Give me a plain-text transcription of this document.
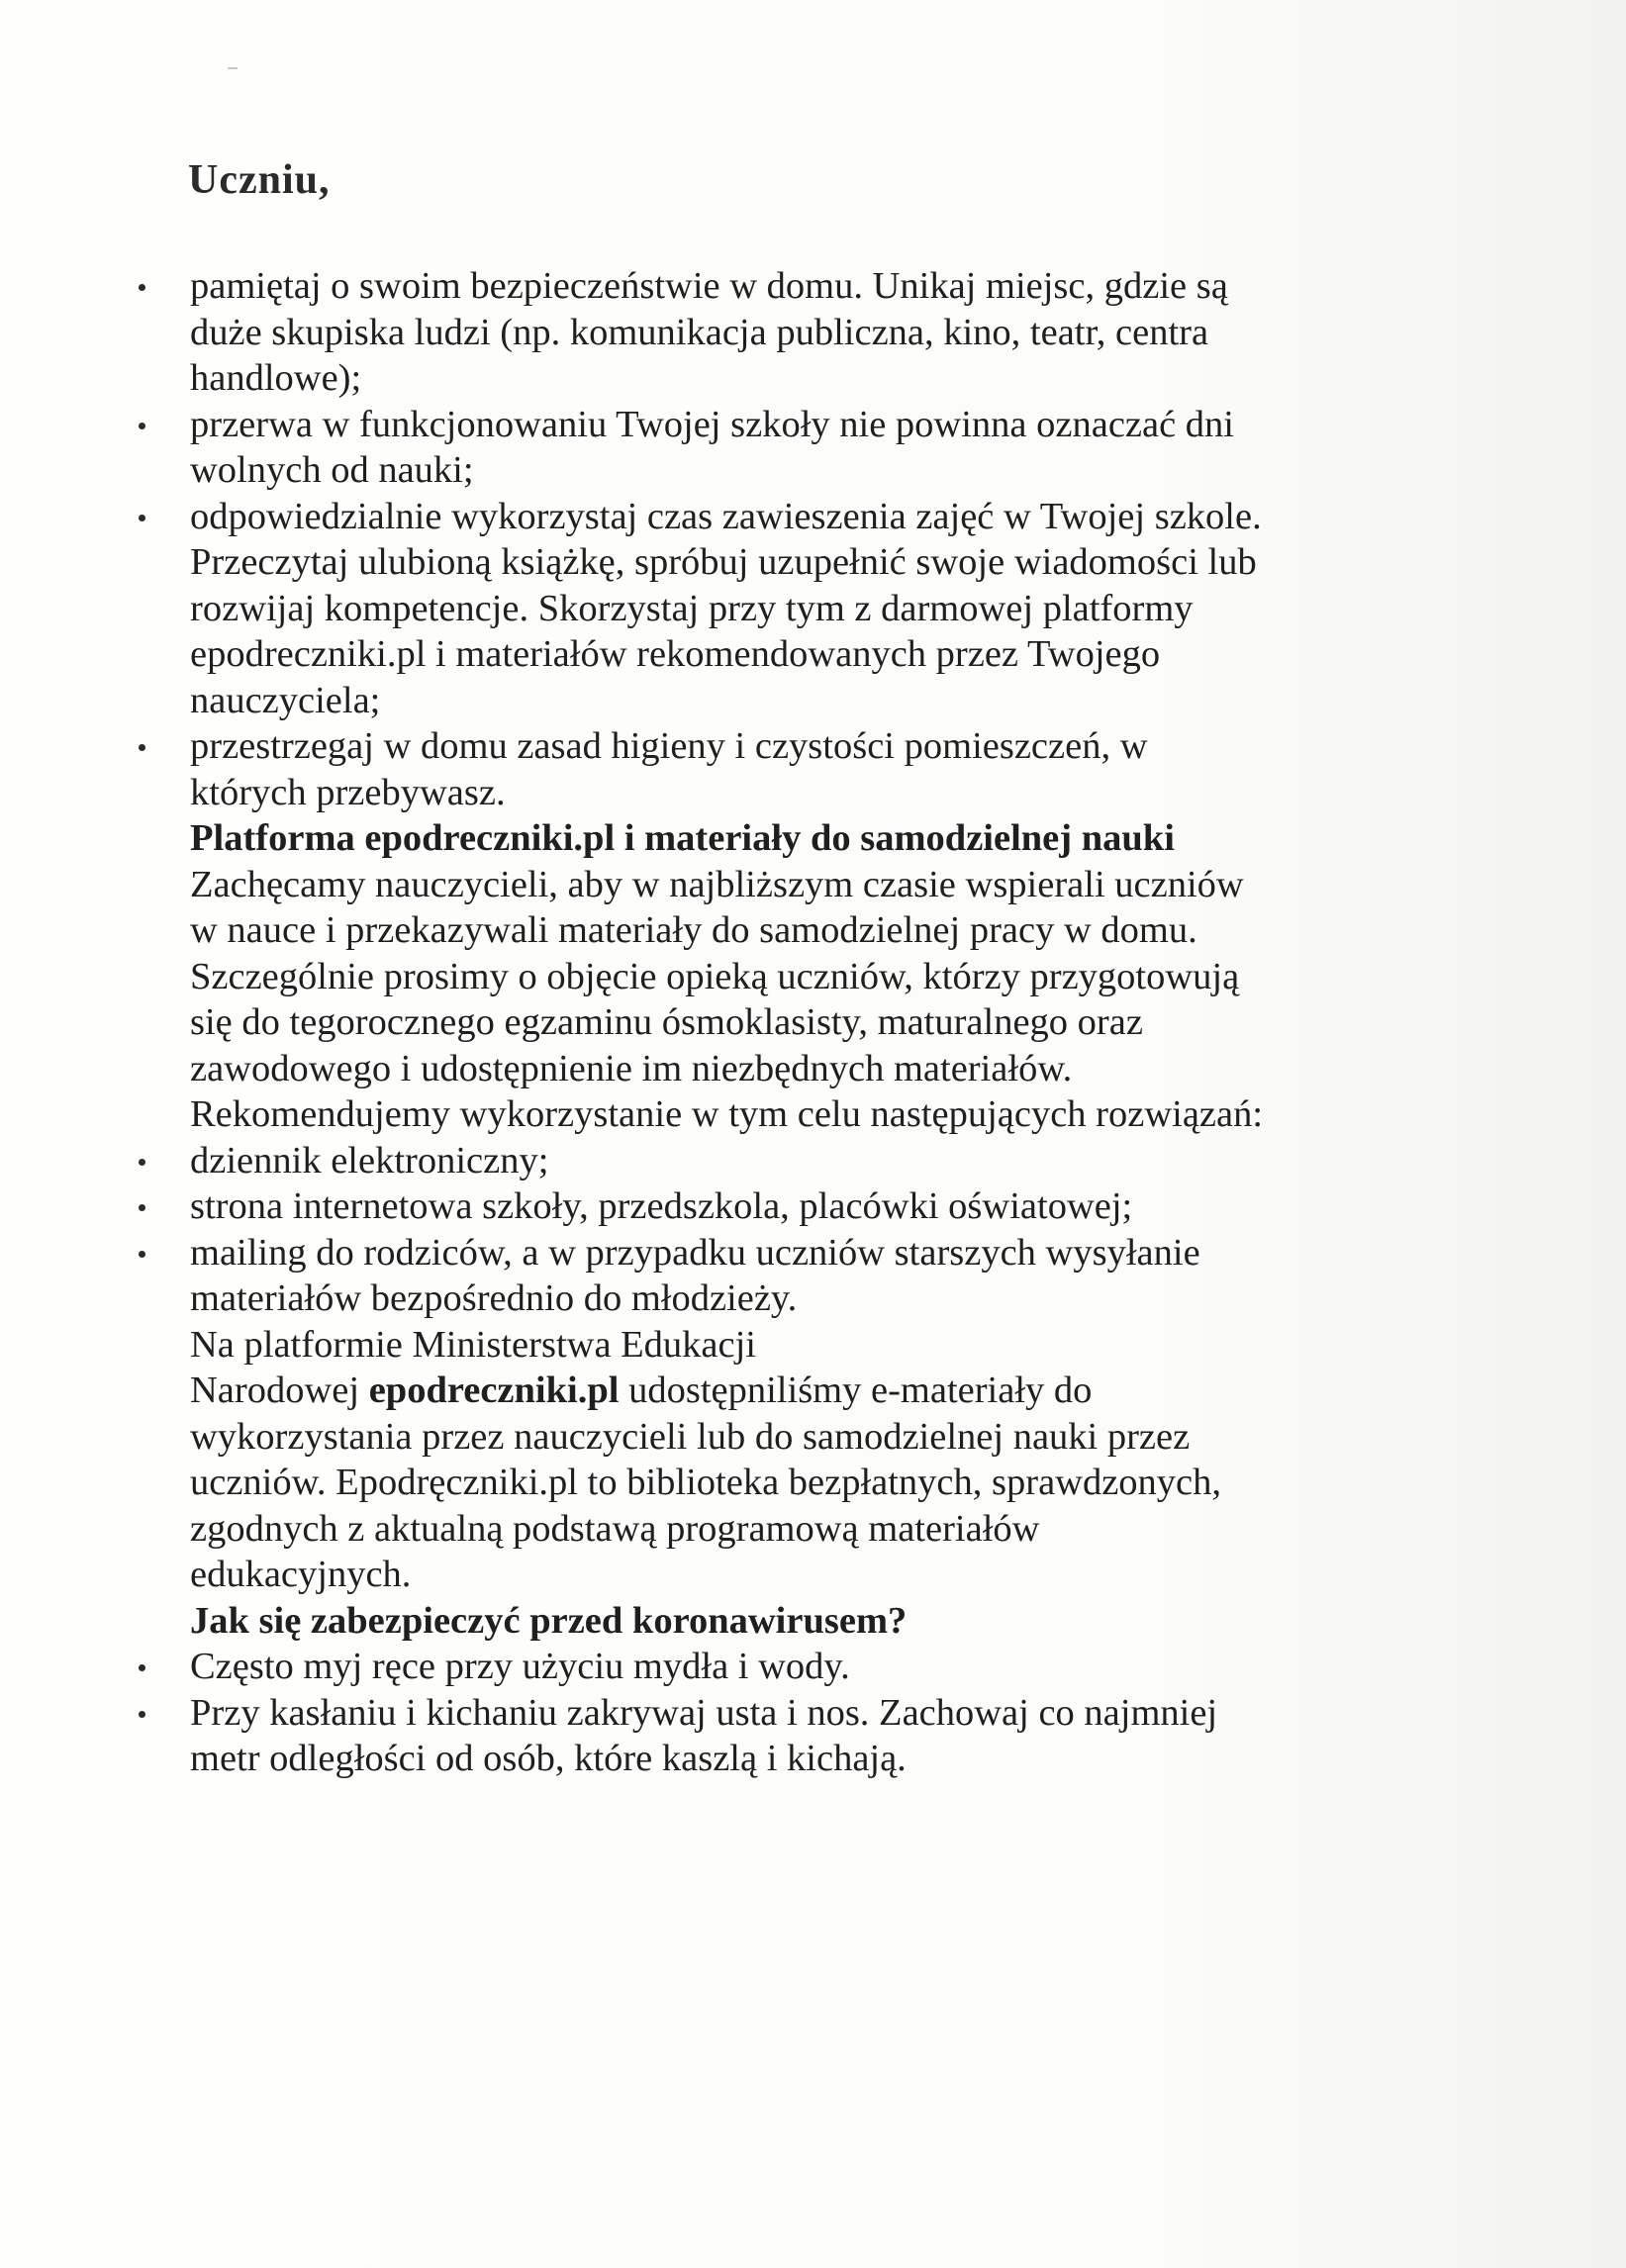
Uczniu,
pamiętaj o swoim bezpieczeństwie w domu. Unikaj miejsc, gdzie są
duże skupiska ludzi (np. komunikacja publiczna, kino, teatr, centra
handlowe);
przerwa w funkcjonowaniu Twojej szkoły nie powinna oznaczać dni
wolnych od nauki;
odpowiedzialnie wykorzystaj czas zawieszenia zajęć w Twojej szkole.
Przeczytaj ulubioną książkę, spróbuj uzupełnić swoje wiadomości lub
rozwijaj kompetencje. Skorzystaj przy tym z darmowej platformy
epodreczniki.pl i materiałów rekomendowanych przez Twojego
nauczyciela;
przestrzegaj w domu zasad higieny i czystości pomieszczeń, w
których przebywasz.
Platforma epodreczniki.pl i materiały do samodzielnej nauki
Zachęcamy nauczycieli, aby w najbliższym czasie wspierali uczniów
w nauce i przekazywali materiały do samodzielnej pracy w domu.
Szczególnie prosimy o objęcie opieką uczniów, którzy przygotowują
się do tegorocznego egzaminu ósmoklasisty, maturalnego oraz
zawodowego i udostępnienie im niezbędnych materiałów.
Rekomendujemy wykorzystanie w tym celu następujących rozwiązań:
dziennik elektroniczny;
strona internetowa szkoły, przedszkola, placówki oświatowej;
mailing do rodziców, a w przypadku uczniów starszych wysyłanie
materiałów bezpośrednio do młodzieży.
Na platformie Ministerstwa Edukacji
Narodowej epodreczniki.pl udostępniliśmy e-materiały do
wykorzystania przez nauczycieli lub do samodzielnej nauki przez
uczniów. Epodręczniki.pl to biblioteka bezpłatnych, sprawdzonych,
zgodnych z aktualną podstawą programową materiałów
edukacyjnych.
Jak się zabezpieczyć przed koronawirusem?
Często myj ręce przy użyciu mydła i wody.
Przy kasłaniu i kichaniu zakrywaj usta i nos. Zachowaj co najmniej
metr odległości od osób, które kaszlą i kichają.
